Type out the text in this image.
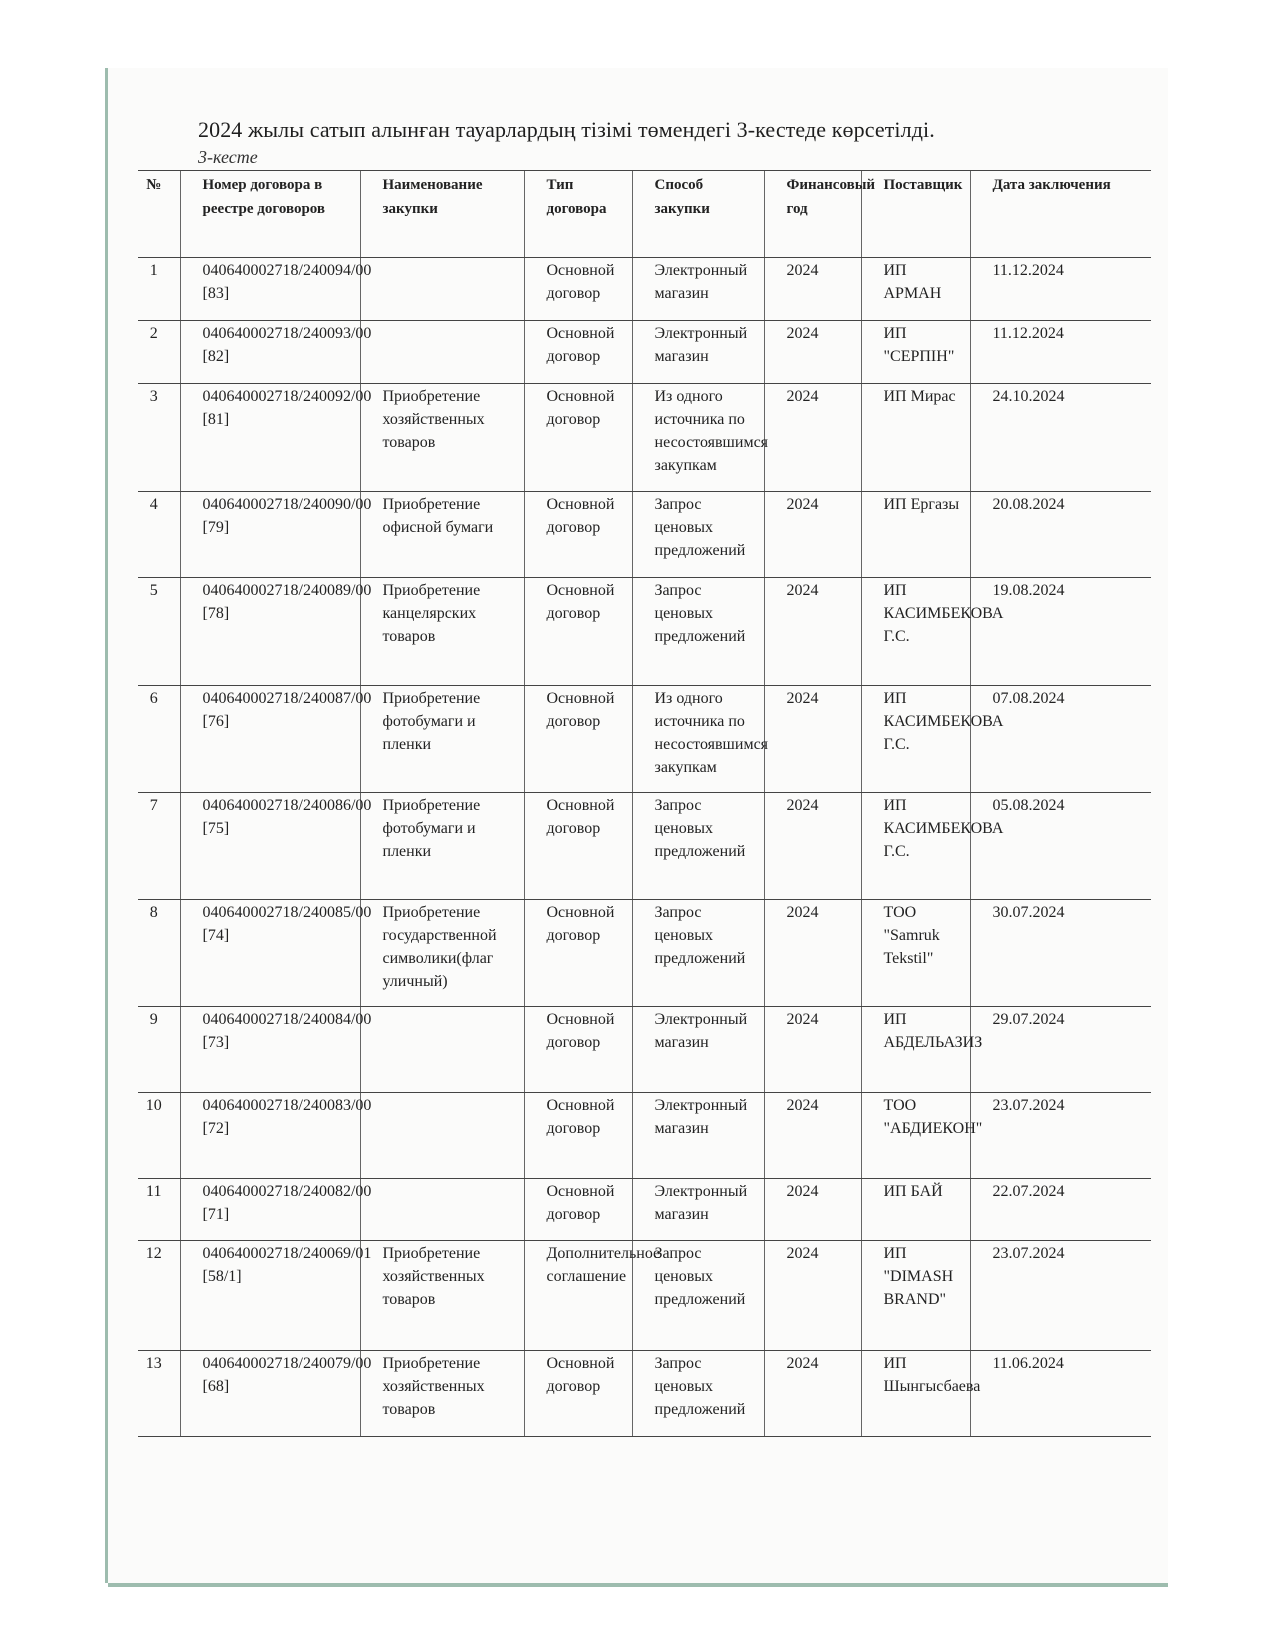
2024 жылы сатып алынған тауарлардың тізімі төмендегі 3-кестеде көрсетілді.
3-кесте
№	Номер договора в реестре договоров	Наименование закупки	Тип договора	Способ закупки	Финансовый год	Поставщик	Дата заключения
1	040640002718/240094/00 [83]		Основной договор	Электронный магазин	2024	ИП АРМАН	11.12.2024
2	040640002718/240093/00 [82]		Основной договор	Электронный магазин	2024	ИП "СЕРПІН"	11.12.2024
3	040640002718/240092/00 [81]	Приобретение хозяйственных товаров	Основной договор	Из одного источника по несостоявшимся закупкам	2024	ИП Мирас	24.10.2024
4	040640002718/240090/00 [79]	Приобретение офисной бумаги	Основной договор	Запрос ценовых предложений	2024	ИП Ергазы	20.08.2024
5	040640002718/240089/00 [78]	Приобретение канцелярских товаров	Основной договор	Запрос ценовых предложений	2024	ИП КАСИМБЕКОВА Г.С.	19.08.2024
6	040640002718/240087/00 [76]	Приобретение фотобумаги и пленки	Основной договор	Из одного источника по несостоявшимся закупкам	2024	ИП КАСИМБЕКОВА Г.С.	07.08.2024
7	040640002718/240086/00 [75]	Приобретение фотобумаги и пленки	Основной договор	Запрос ценовых предложений	2024	ИП КАСИМБЕКОВА Г.С.	05.08.2024
8	040640002718/240085/00 [74]	Приобретение государственной символики(флаг уличный)	Основной договор	Запрос ценовых предложений	2024	ТОО "Samruk Tekstil"	30.07.2024
9	040640002718/240084/00 [73]		Основной договор	Электронный магазин	2024	ИП АБДЕЛЬАЗИЗ	29.07.2024
10	040640002718/240083/00 [72]		Основной договор	Электронный магазин	2024	ТОО "АБДИЕКОН"	23.07.2024
11	040640002718/240082/00 [71]		Основной договор	Электронный магазин	2024	ИП БАЙ	22.07.2024
12	040640002718/240069/01 [58/1]	Приобретение хозяйственных товаров	Дополнительное соглашение	Запрос ценовых предложений	2024	ИП "DIMASH BRAND"	23.07.2024
13	040640002718/240079/00 [68]	Приобретение хозяйственных товаров	Основной договор	Запрос ценовых предложений	2024	ИП Шынгысбаева	11.06.2024
